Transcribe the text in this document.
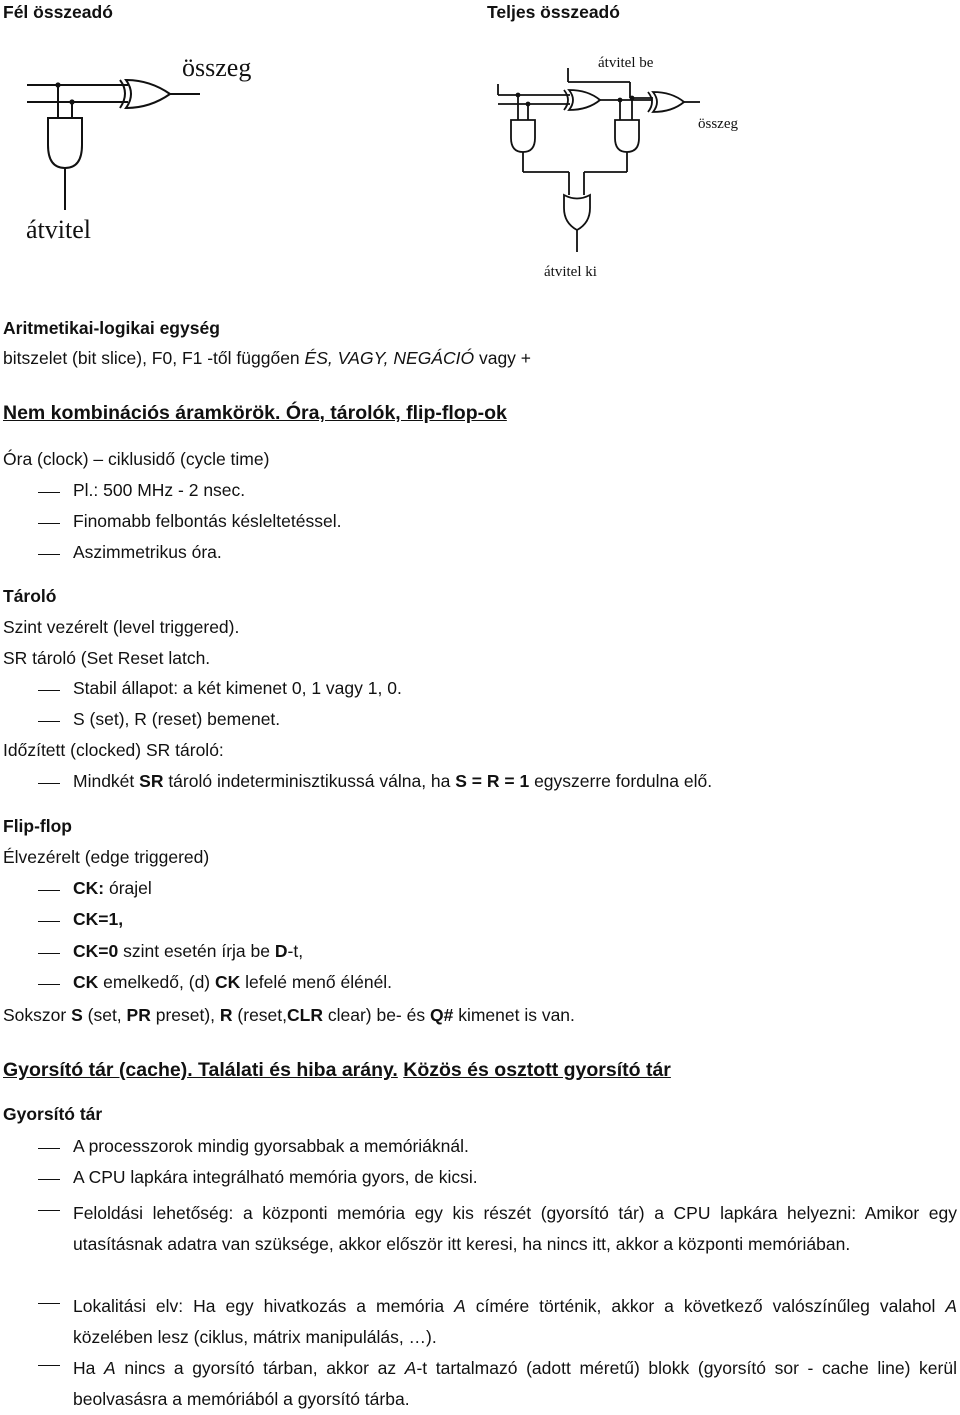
Fél összeadó	Teljes összeadó
összeg
átvitel
átvitel be
összeg
átvitel ki
Aritmetikai-logikai egység
bitszelet (bit slice), F0, F1 -től függően ÉS, VAGY, NEGÁCIÓ vagy +
Nem kombinációs áramkörök. Óra, tárolók, flip-flop-ok
Óra (clock) – ciklusidő (cycle time)
Pl.: 500 MHz - 2 nsec.
Finomabb felbontás késleltetéssel.
Aszimmetrikus óra.
Tároló
Szint vezérelt (level triggered).
SR tároló (Set Reset latch.
Stabil állapot: a két kimenet 0, 1 vagy 1, 0.
S (set), R (reset) bemenet.
Időzített (clocked) SR tároló:
Mindkét SR tároló indeterminisztikussá válna, ha S = R = 1 egyszerre fordulna elő.
Flip-flop
Élvezérelt (edge triggered)
CK: órajel
CK=1,
CK=0 szint esetén írja be D-t,
CK emelkedő, (d) CK lefelé menő élénél.
Sokszor S (set, PR preset), R (reset,CLR clear) be- és Q# kimenet is van.
Gyorsító tár (cache). Találati és hiba arány. Közös és osztott gyorsító tár
Gyorsító tár
A processzorok mindig gyorsabbak a memóriáknál.
A CPU lapkára integrálható memória gyors, de kicsi.
Feloldási lehetőség: a központi memória egy kis részét (gyorsító tár) a CPU lapkára helyezni: Amikor egy utasításnak adatra van szüksége, akkor először itt keresi, ha nincs itt, akkor a központi memóriában.
Lokalitási elv: Ha egy hivatkozás a memória A címére történik, akkor a következő valószínűleg valahol A közelében lesz (ciklus, mátrix manipulálás, …).
Ha A nincs a gyorsító tárban, akkor az A-t tartalmazó (adott méretű) blokk (gyorsító sor - cache line) kerül beolvasásra a memóriából a gyorsító tárba.
